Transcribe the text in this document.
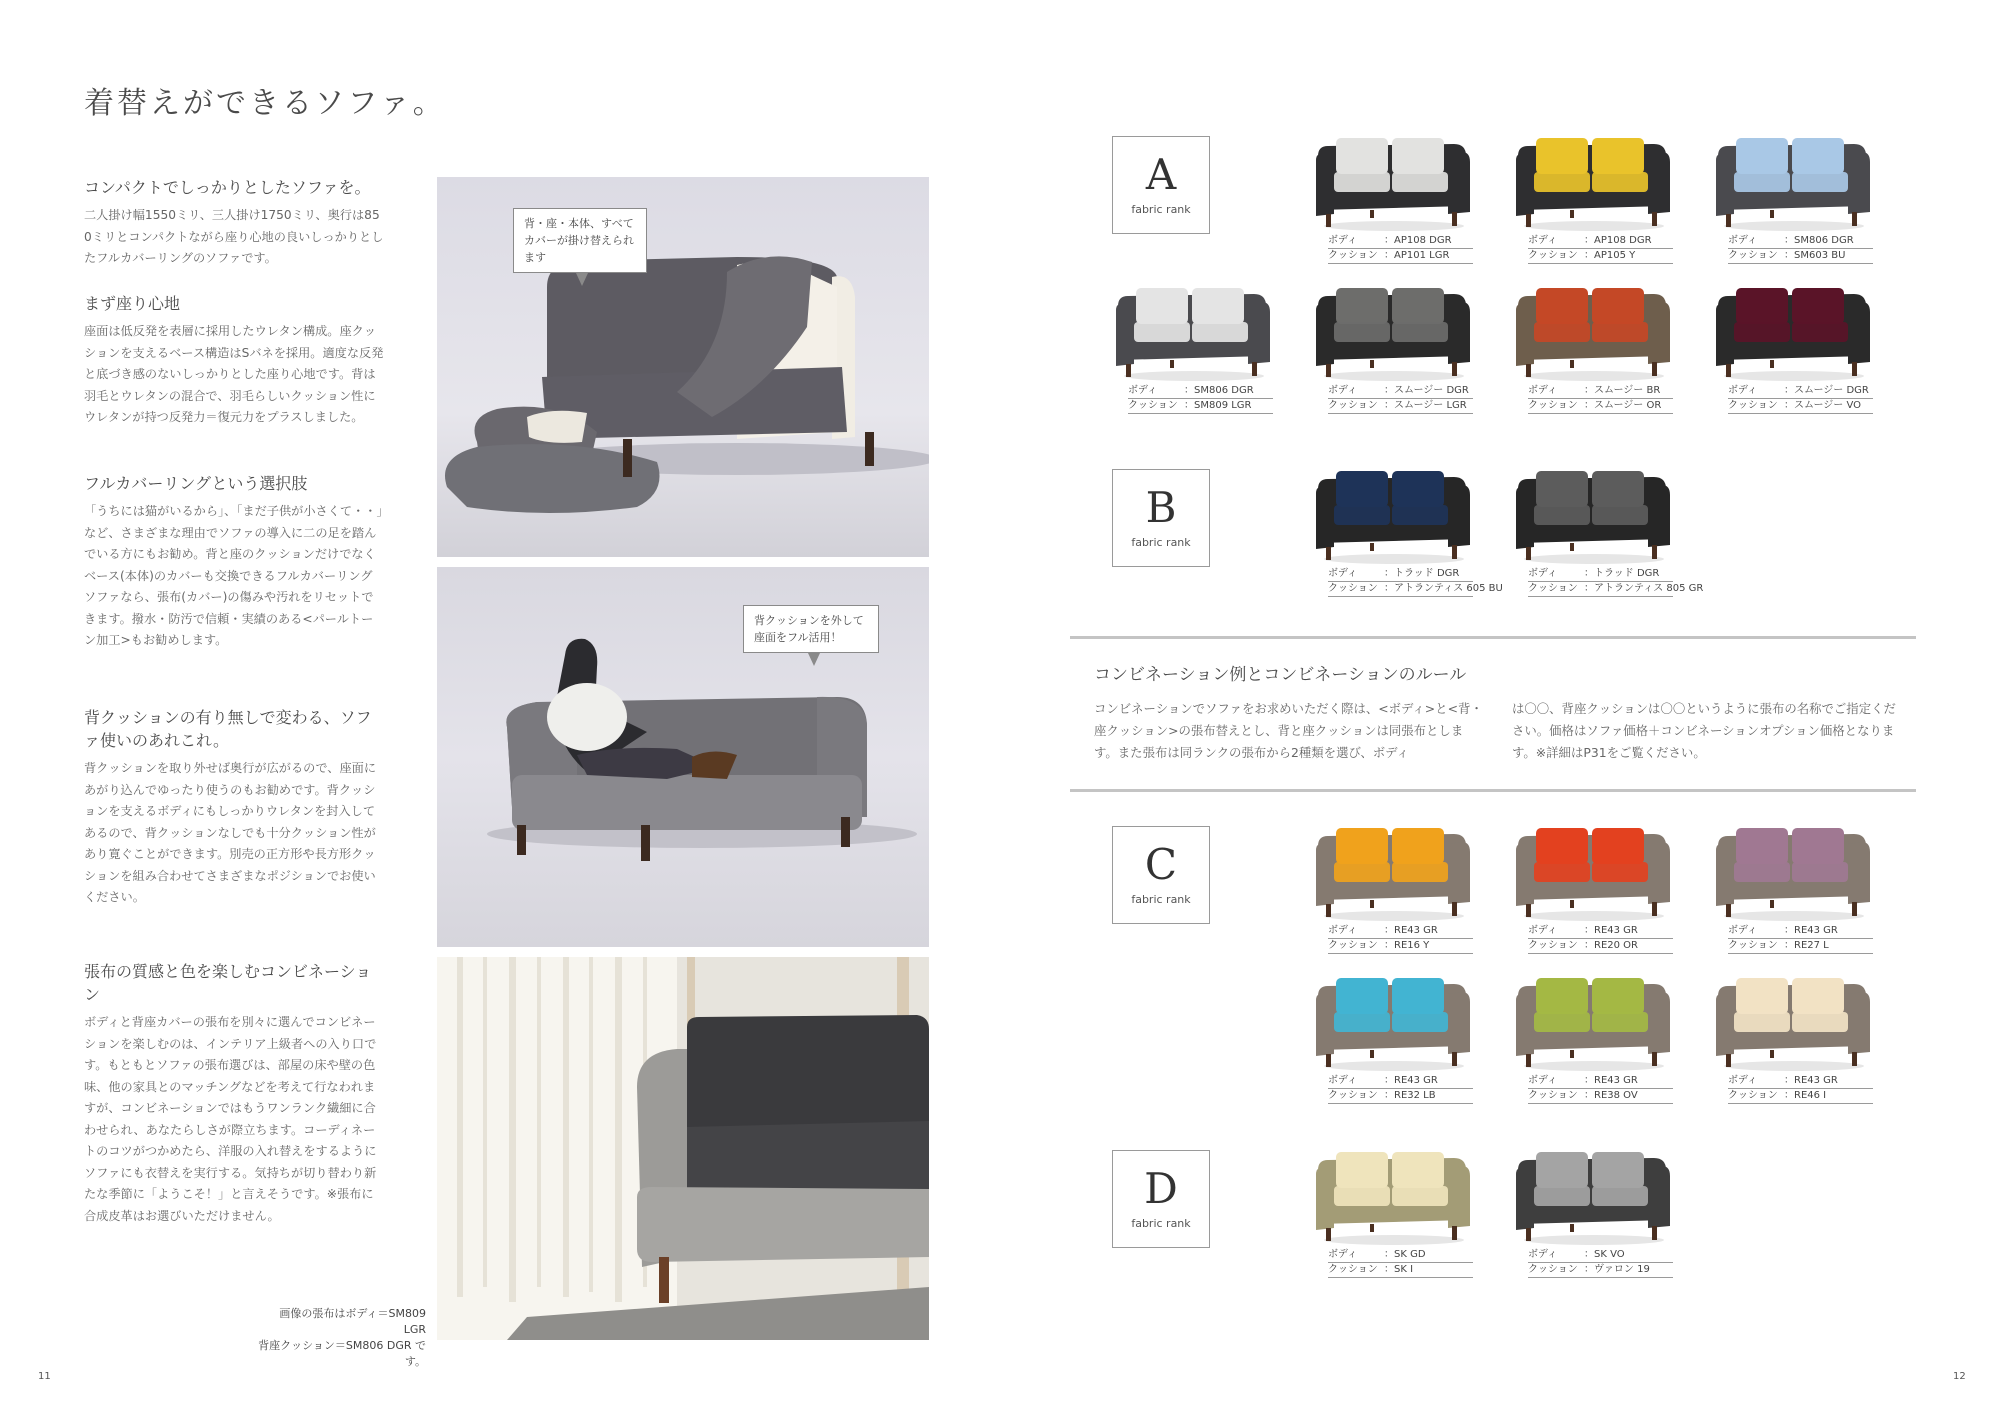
着替えができるソファ。
コンパクトでしっかりとしたソファを。
二人掛け幅1550ミリ、三人掛け1750ミリ、奥行は850ミリとコンパクトながら座り心地の良いしっかりとしたフルカバーリングのソファです。
まず座り心地
座面は低反発を表層に採用したウレタン構成。座クッションを支えるベース構造はSバネを採用。適度な反発と底づき感のないしっかりとした座り心地です。背は羽毛とウレタンの混合で、羽毛らしいクッション性にウレタンが持つ反発力＝復元力をプラスしました。
フルカバーリングという選択肢
「うちには猫がいるから」、「まだ子供が小さくて・・」など、さまざまな理由でソファの導入に二の足を踏んでいる方にもお勧め。背と座のクッションだけでなくベース(本体)のカバーも交換できるフルカバーリングソファなら、張布(カバー)の傷みや汚れをリセットできます。撥水・防汚で信頼・実績のある<パールトーン加工>もお勧めします。
背クッションの有り無しで変わる、ソファ使いのあれこれ。
背クッションを取り外せば奥行が広がるので、座面にあがり込んでゆったり使うのもお勧めです。背クッションを支えるボディにもしっかりウレタンを封入してあるので、背クッションなしでも十分クッション性があり寛ぐことができます。別売の正方形や長方形クッションを組み合わせてさまざまなポジションでお使いください。
張布の質感と色を楽しむコンビネーション
ボディと背座カバーの張布を別々に選んでコンビネーションを楽しむのは、インテリア上級者への入り口です。もともとソファの張布選びは、部屋の床や壁の色味、他の家具とのマッチングなどを考えて行なわれますが、コンビネーションではもうワンランク繊細に合わせられ、あなたらしさが際立ちます。コーディネートのコツがつかめたら、洋服の入れ替えをするようにソファにも衣替えを実行する。気持ちが切り替わり新たな季節に「ようこそ！」と言えそうです。※張布に合成皮革はお選びいただけません。
背・座・本体、すべてカバーが掛け替えられます
背クッションを外して座面をフル活用！
画像の張布はボディ＝SM809 LGR
背座クッション＝SM806 DGR です。
11
A
fabric rank
ボディ	：AP108 DGR
クッション ：AP101 LGR
ボディ	：AP108 DGR
クッション ：AP105 Y
ボディ	：SM806 DGR
クッション ：SM603 BU
ボディ	：SM806 DGR
クッション ：SM809 LGR
ボディ	：スムージー DGR
クッション ：スムージー LGR
ボディ	：スムージー BR
クッション ：スムージー OR
ボディ	：スムージー DGR
クッション ：スムージー VO
B
fabric rank
ボディ	：トラッド DGR
クッション ：アトランティス 605 BU
ボディ	：トラッド DGR
クッション ：アトランティス 805 GR
C
fabric rank
ボディ	：RE43 GR
クッション ：RE16 Y
ボディ	：RE43 GR
クッション ：RE20 OR
ボディ	：RE43 GR
クッション ：RE27 L
ボディ	：RE43 GR
クッション ：RE32 LB
ボディ	：RE43 GR
クッション ：RE38 OV
ボディ	：RE43 GR
クッション ：RE46 I
D
fabric rank
ボディ	：SK GD
クッション ：SK I
ボディ	：SK VO
クッション ：ヴァロン 19
コンビネーション例とコンビネーションのルール
コンビネーションでソファをお求めいただく際は、<ボディ>と<背・座クッション>の張布替えとし、背と座クッションは同張布とします。また張布は同ランクの張布から2種類を選び、ボディ
は〇〇、背座クッションは〇〇というように張布の名称でご指定ください。価格はソファ価格＋コンビネーションオプション価格となります。※詳細はP31をご覧ください。
12
